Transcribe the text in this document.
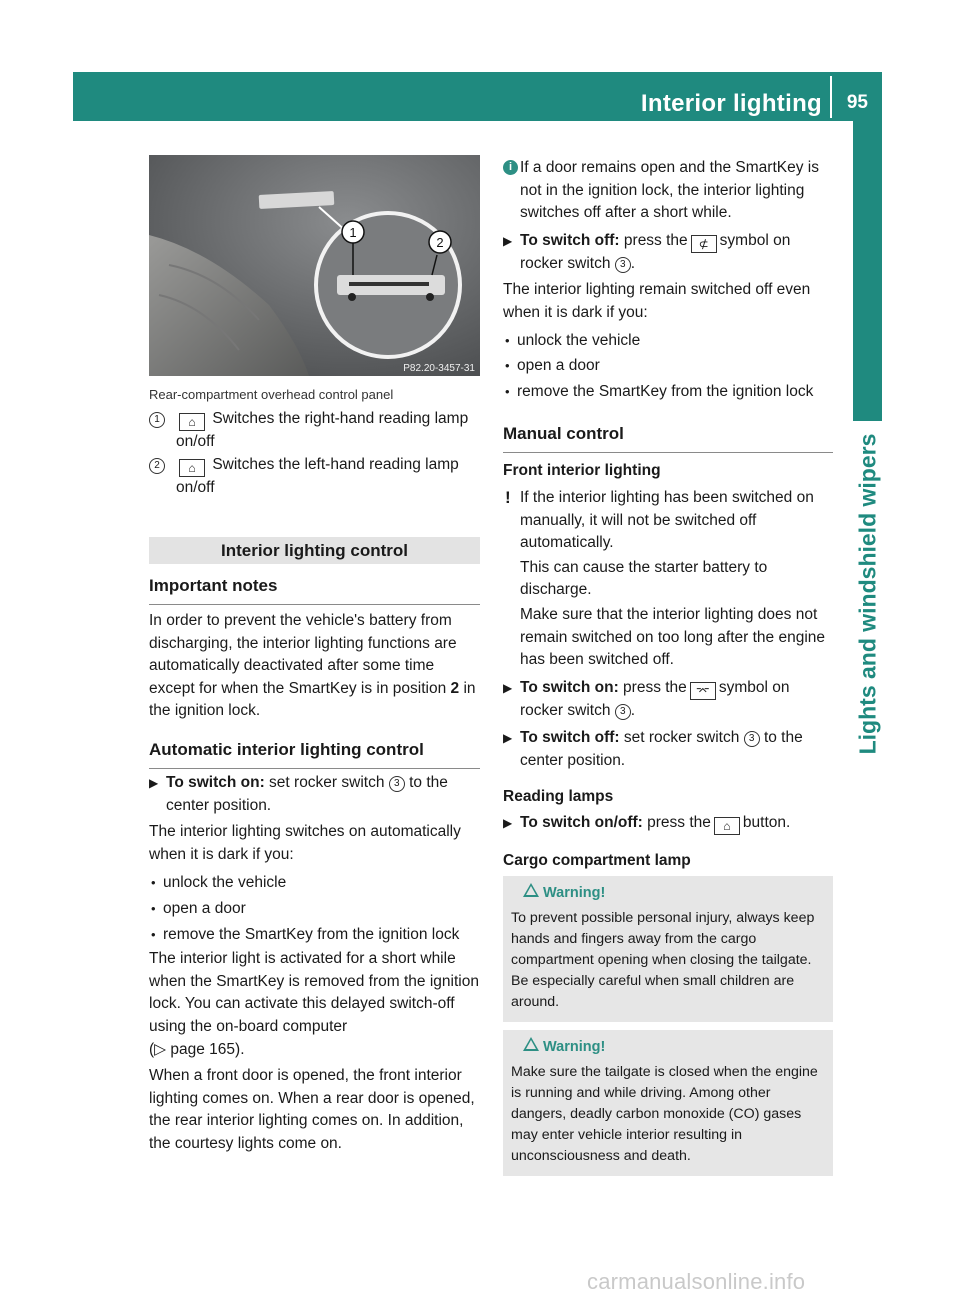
Interior lighting 95
Lights and windshield wipers
1
2
P82.20-3457-31
Rear-compartment overhead control panel
1	⌂ Switches the right-hand reading lamp on/off
2	⌂ Switches the left-hand reading lamp on/off
Interior lighting control
Important notes

In order to prevent the vehicle's battery from discharging, the interior lighting functions are automatically deactivated after some time except for when the SmartKey is in position 2 in the ignition lock.

Automatic interior lighting control
▶ To switch on: set rocker switch 3 to the center position.

The interior lighting switches on automatically when it is dark if you:

• unlock the vehicle
• open a door
• remove the SmartKey from the ignition lock

The interior light is activated for a short while when the SmartKey is removed from the ignition lock. You can activate this delayed switch-off using the on-board computer
(▷ page 165).

When a front door is opened, the front interior lighting comes on. When a rear door is opened, the rear interior lighting comes on. In addition, the courtesy lights come on.

i If a door remains open and the SmartKey is not in the ignition lock, the interior lighting switches off after a short while.
▶ To switch off: press the ⊄ symbol on rocker switch 3 .

The interior lighting remain switched off even when it is dark if you:

• unlock the vehicle
• open a door
• remove the SmartKey from the ignition lock
Manual control
Front interior lighting
! If the interior lighting has been switched on manually, it will not be switched off automatically.

This can cause the starter battery to discharge.

Make sure that the interior lighting does not remain switched on too long after the engine has been switched off.

▶ To switch on: press the ⌤ symbol on rocker switch 3 .
▶ To switch off: set rocker switch 3 to the center position.
Reading lamps
▶ To switch on/off: press the ⌂ button.
Cargo compartment lamp
Warning!
To prevent possible personal injury, always keep hands and fingers away from the cargo compartment opening when closing the tailgate. Be especially careful when small children are around.
Warning!
Make sure the tailgate is closed when the engine is running and while driving. Among other dangers, deadly carbon monoxide (CO) gases may enter vehicle interior resulting in unconsciousness and death.
carmanualsonline.info
